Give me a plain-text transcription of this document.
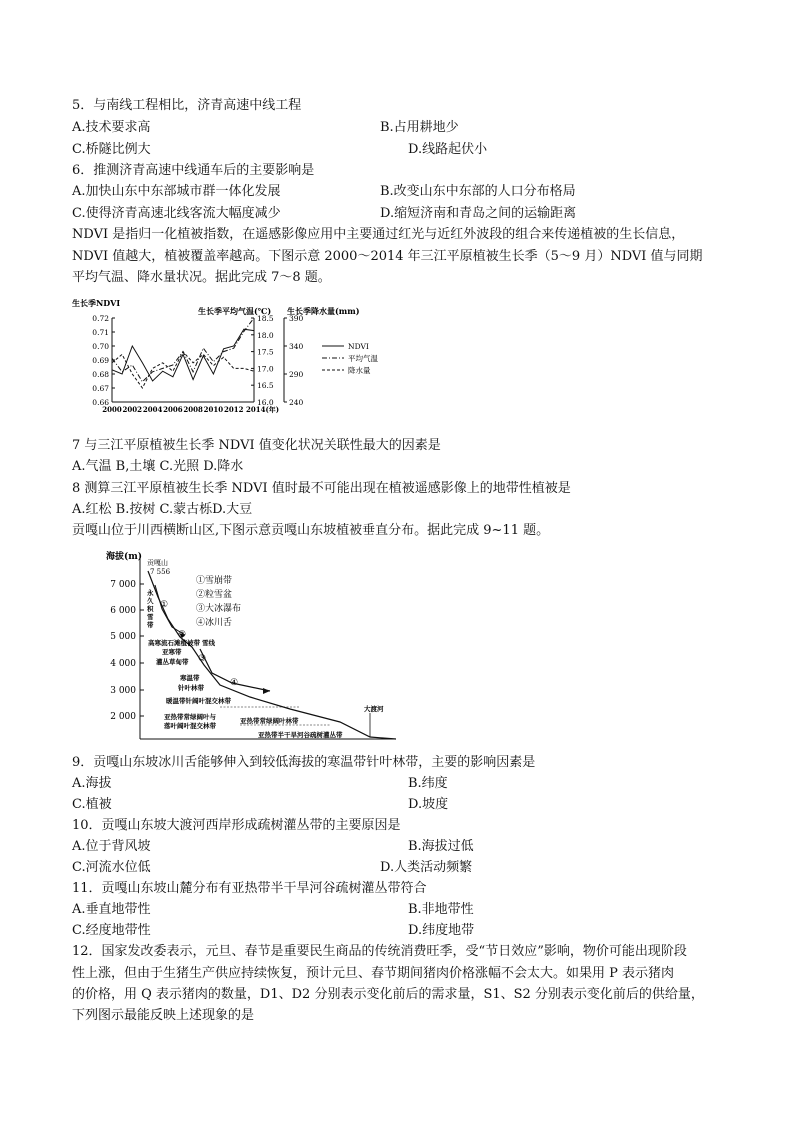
5．与南线工程相比，济青高速中线工程
A.技术要求高	B.占用耕地少
C.桥隧比例大	D.线路起伏小
6．推测济青高速中线通车后的主要影响是
A.加快山东中东部城市群一体化发展	B.改变山东中东部的人口分布格局
C.使得济青高速北线客流大幅度减少	D.缩短济南和青岛之间的运输距离
NDVI 是指归一化植被指数，在遥感影像应用中主要通过红光与近红外波段的组合来传递植被的生长信息，
NDVI 值越大，植被覆盖率越高。下图示意 2000～2014 年三江平原植被生长季（5～9 月）NDVI 值与同期
平均气温、降水量状况。据此完成 7～8 题。
生长季NDVI
生长季平均气温(℃) 生长季降水量(mm)
0.72
0.71
0.70
0.69
0.68
0.67
0.66
18.5
18.0
17.5
17.0
16.5
16.0
390
340
290
240
2000 2002 2004 2006 2008 2010 2012 2014(年)
NDVI
平均气温
降水量
7 与三江平原植被生长季 NDVI 值变化状况关联性最大的因素是
A.气温 B,土壤 C.光照 D.降水
8 测算三江平原植被生长季 NDVI 值时最不可能出现在植被遥感影像上的地带性植被是
A.红松 B.按树 C.蒙古栎D.大豆
贡嘎山位于川西横断山区,下图示意贡嘎山东坡植被垂直分布。据此完成 9~11 题。
海拔(m)
7 000
6 000
5 000
4 000
3 000
2 000
贡嘎山
7 556
永
久
积
雪
带
①
②
③
④
①雪崩带
②粒雪盆
③大冰瀑布
④冰川舌
高寒流石滩植被带 雪线
亚寒带
灌丛草甸带
寒温带
针叶林带
暖温带针阔叶混交林带
亚热带常绿阔叶与
落叶阔叶混交林带
亚热带常绿阔叶林带
亚热带半干旱河谷疏树灌丛带
大渡河
9．贡嘎山东坡冰川舌能够伸入到较低海拔的寒温带针叶林带，主要的影响因素是
A.海拔	B.纬度
C.植被	D.坡度
10．贡嘎山东坡大渡河西岸形成疏树灌丛带的主要原因是
A.位于背风坡	B.海拔过低
C.河流水位低	D.人类活动频繁
11．贡嘎山东坡山麓分布有亚热带半干旱河谷疏树灌丛带符合
A.垂直地带性	B.非地带性
C.经度地带性	D.纬度地带
12．国家发改委表示，元旦、春节是重要民生商品的传统消费旺季，受“节日效应”影响，物价可能出现阶段
性上涨，但由于生猪生产供应持续恢复，预计元旦、春节期间猪肉价格涨幅不会太大。如果用 P 表示猪肉
的价格，用 Q 表示猪肉的数量，D1、D2 分别表示变化前后的需求量，S1、S2 分别表示变化前后的供给量，
下列图示最能反映上述现象的是
